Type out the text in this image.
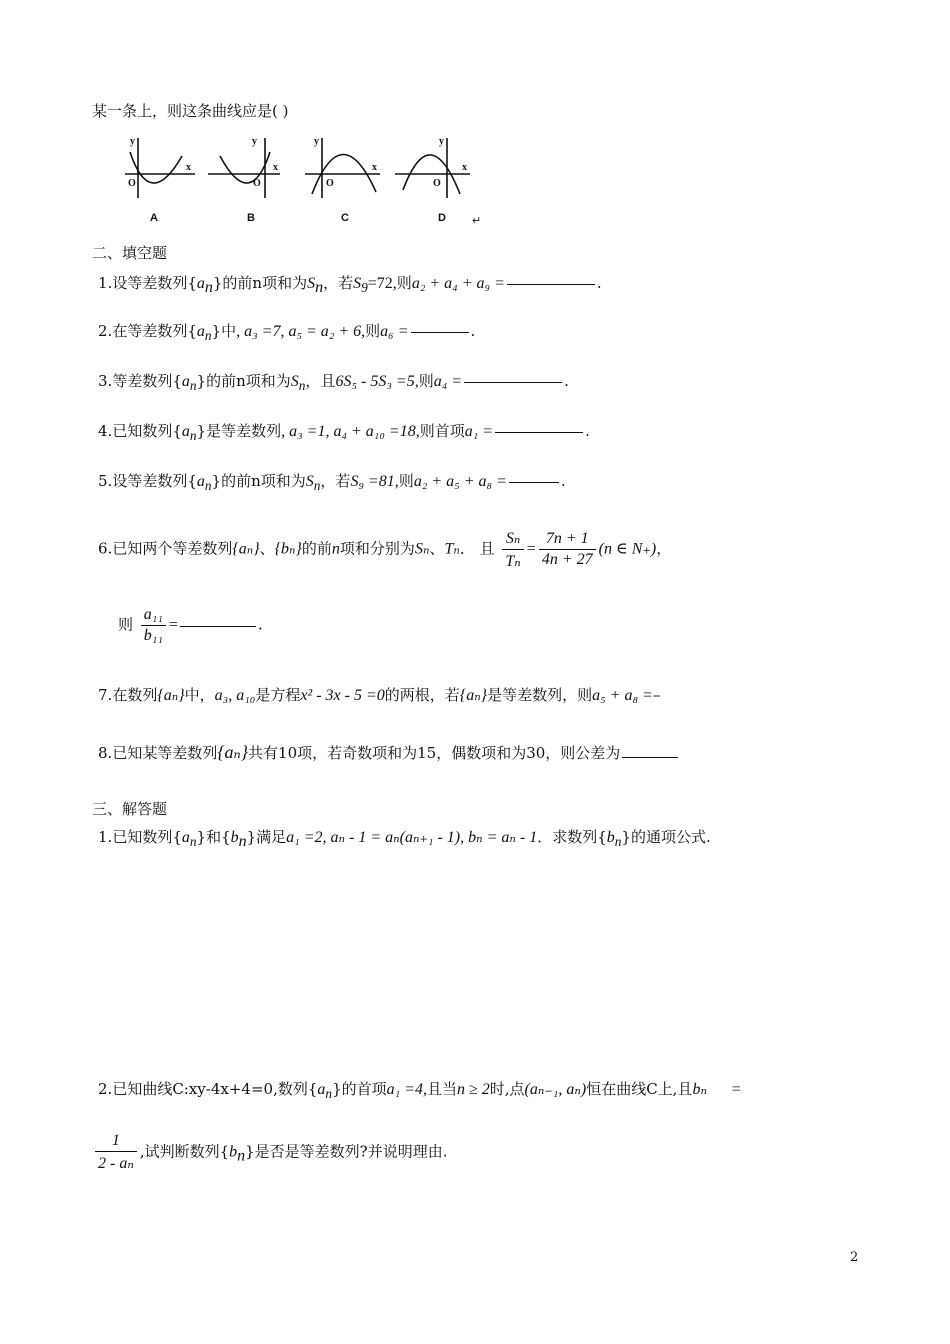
某一条上，则这条曲线应是( )
y
O
x
y
O
x
y
O
x
y
O
x
A	B	C	D ↵
二、填空题
1.设等差数列$\{a_n\}$的前n项和为$S_n$，若$S_9=72$,则a₂ + a₄ + a₉ =	.
2.在等差数列$\{a_n\}$中, a₃ =7, a₅ = a₂ + 6,则a₆ =	.
3.等差数列$\{a_n\}$的前n项和为$S_n$，且6S₅ - 5S₃ =5,则a₄ =	.
4.已知数列$\{a_n\}$是等差数列, a₃ =1, a₄ + a₁₀ =18,则首项a₁ =	.
5.设等差数列$\{a_n\}$的前n项和为$S_n$，若S₉ =81,则a₂ + a₅ + a₈ =	.
6.已知两个等差数列{aₙ}、{bₙ}的前n项和分别为Sₙ、Tₙ． 且 $\frac{\text{Sₙ}}{\text{Tₙ}} = \frac{7n + 1}{4n + 27} (n$ ∈ N₊)，
则 $\frac{\text{a₁₁}}{\text{b₁₁}}$ =	.
7.在数列{aₙ}中，a₃, a₁₀是方程x² - 3x - 5 =0的两根，若{aₙ}是等差数列，则a₅ + a₈ =–
8.已知某等差数列{aₙ}共有10项，若奇数项和为15，偶数项和为30，则公差为
三、解答题
1.已知数列$\{a_n\}$和$\{b_n\}$满足a₁ =2, aₙ - 1 = aₙ(aₙ₊₁ - 1), bₙ = aₙ - 1．求数列$\{b_n\}$的通项公式.
2.已知曲线C:xy-4x+4=0,数列$\{a_n\}$的首项a₁ =4,且当n ≥ 2时,点(aₙ₋₁, aₙ)恒在曲线C上,且bₙ =
$\frac{1}{\text{2 - aₙ}}$ ,试判断数列$\{b_n\}$是否是等差数列?并说明理由.
2
